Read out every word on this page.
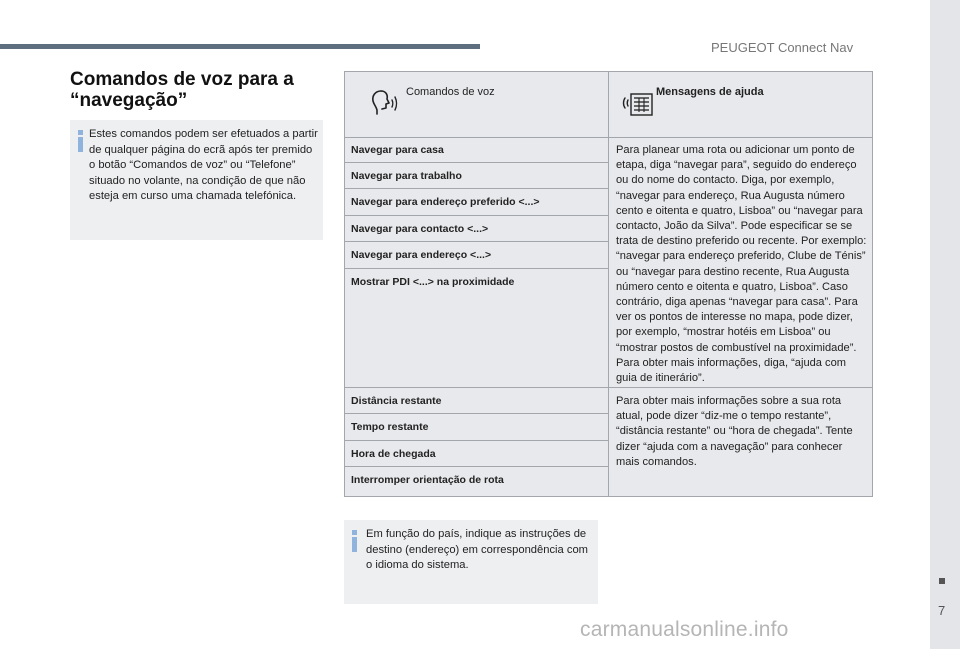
PEUGEOT Connect Nav
7
carmanualsonline.info
Comandos de voz para a
“navegação”
Estes comandos podem ser efetuados a partir de qualquer página do ecrã após ter premido o botão “Comandos de voz” ou “Telefone” situado no volante, na condição de que não esteja em curso uma chamada telefónica.
Comandos de voz	Mensagens de ajuda
Navegar para casa
Navegar para trabalho
Navegar para endereço preferido <...>
Navegar para contacto <...>
Navegar para endereço <...>
Mostrar PDI <...> na proximidade
Para planear uma rota ou adicionar um ponto de etapa, diga “navegar para”, seguido do endereço ou do nome do contacto. Diga, por exemplo, “navegar para endereço, Rua Augusta número cento e oitenta e quatro, Lisboa” ou “navegar para contacto, João da Silva”. Pode especificar se se trata de destino preferido ou recente. Por exemplo: “navegar para endereço preferido, Clube de Ténis” ou “navegar para destino recente, Rua Augusta número cento e oitenta e quatro, Lisboa”. Caso contrário, diga apenas “navegar para casa”. Para ver os pontos de interesse no mapa, pode dizer, por exemplo, “mostrar hotéis em Lisboa” ou “mostrar postos de combustível na proximidade”. Para obter mais informações, diga, “ajuda com guia de itinerário”.
Distância restante
Tempo restante
Hora de chegada
Interromper orientação de rota
Para obter mais informações sobre a sua rota atual, pode dizer “diz-me o tempo restante”, “distância restante” ou “hora de chegada”. Tente dizer “ajuda com a navegação” para conhecer mais comandos.
Em função do país, indique as instruções de destino (endereço) em correspondência com o idioma do sistema.
